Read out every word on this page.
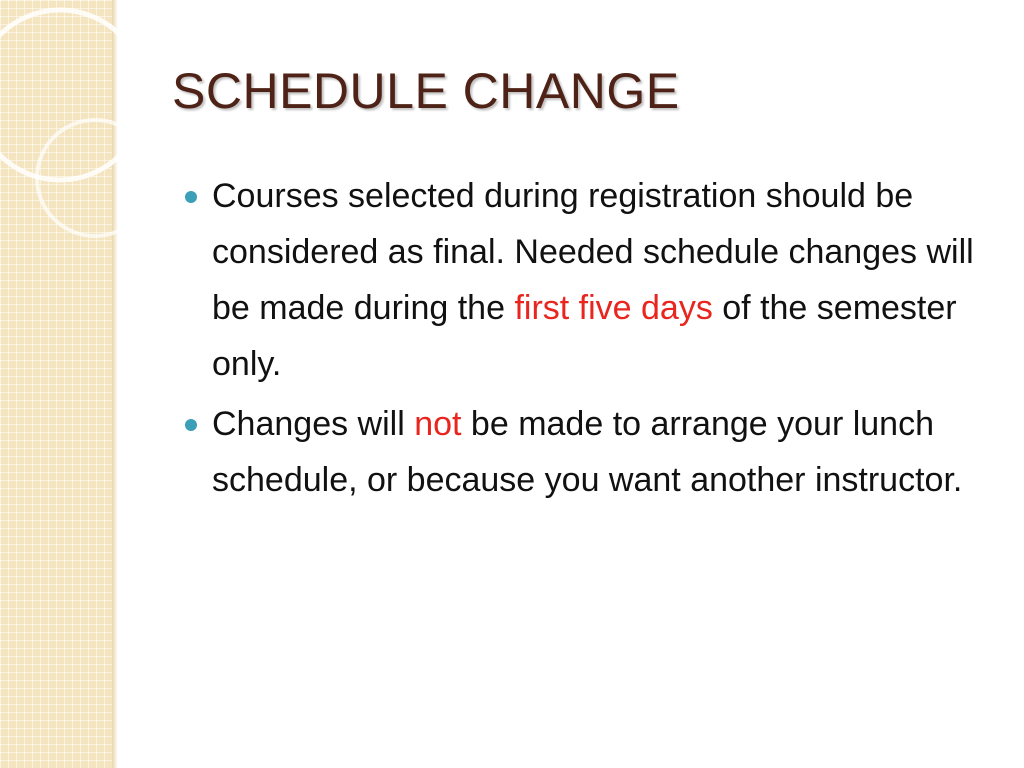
SCHEDULE CHANGE
Courses selected during registration should be considered as final. Needed schedule changes will be made during the first five days of the semester only.
Changes will not be made to arrange your lunch schedule, or because you want another instructor.
